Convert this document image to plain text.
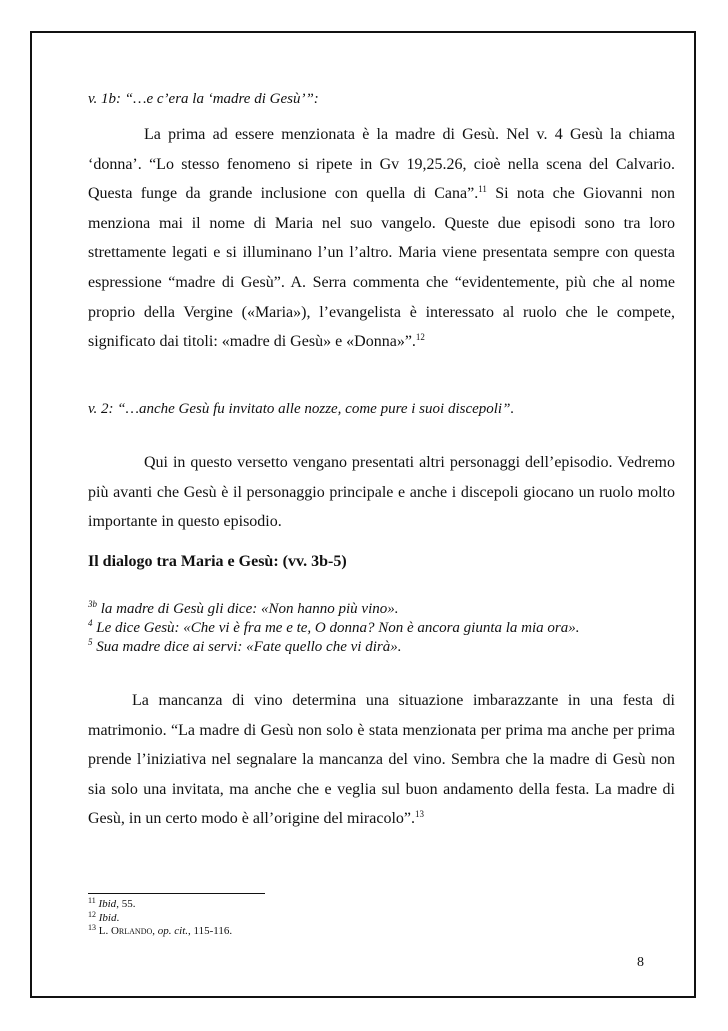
v. 1b: “…e c’era la ‘madre di Gesù’”:
La prima ad essere menzionata è la madre di Gesù. Nel v. 4 Gesù la chiama ‘donna’. “Lo stesso fenomeno si ripete in Gv 19,25.26, cioè nella scena del Calvario. Questa funge da grande inclusione con quella di Cana”.$^{11}$ Si nota che Giovanni non menziona mai il nome di Maria nel suo vangelo. Queste due episodi sono tra loro strettamente legati e si illuminano l’un l’altro. Maria viene presentata sempre con questa espressione “madre di Gesù”. A. Serra commenta che “evidentemente, più che al nome proprio della Vergine («Maria»), l’evangelista è interessato al ruolo che le compete, significato dai titoli: «madre di Gesù» e «Donna»”.$^{12}$
v. 2: “…anche Gesù fu invitato alle nozze, come pure i suoi discepoli”.
Qui in questo versetto vengano presentati altri personaggi dell’episodio. Vedremo più avanti che Gesù è il personaggio principale e anche i discepoli giocano un ruolo molto importante in questo episodio.
Il dialogo tra Maria e Gesù: (vv. 3b-5)

$^{3b}$ la madre di Gesù gli dice: «Non hanno più vino».

$^4$ Le dice Gesù: «Che vi è fra me e te, O donna? Non è ancora giunta la mia ora».

$^5$ Sua madre dice ai servi: «Fate quello che vi dirà».

La mancanza di vino determina una situazione imbarazzante in una festa di matrimonio. “La madre di Gesù non solo è stata menzionata per prima ma anche per prima prende l’iniziativa nel segnalare la mancanza del vino. Sembra che la madre di Gesù non sia solo una invitata, ma anche che e veglia sul buon andamento della festa. La madre di Gesù, in un certo modo è all’origine del miracolo”.$^{13}$
$^{11}$ Ibid, 55.
$^{12}$ Ibid.
$^{13}$ L. Orlando, op. cit., 115-116.
8
